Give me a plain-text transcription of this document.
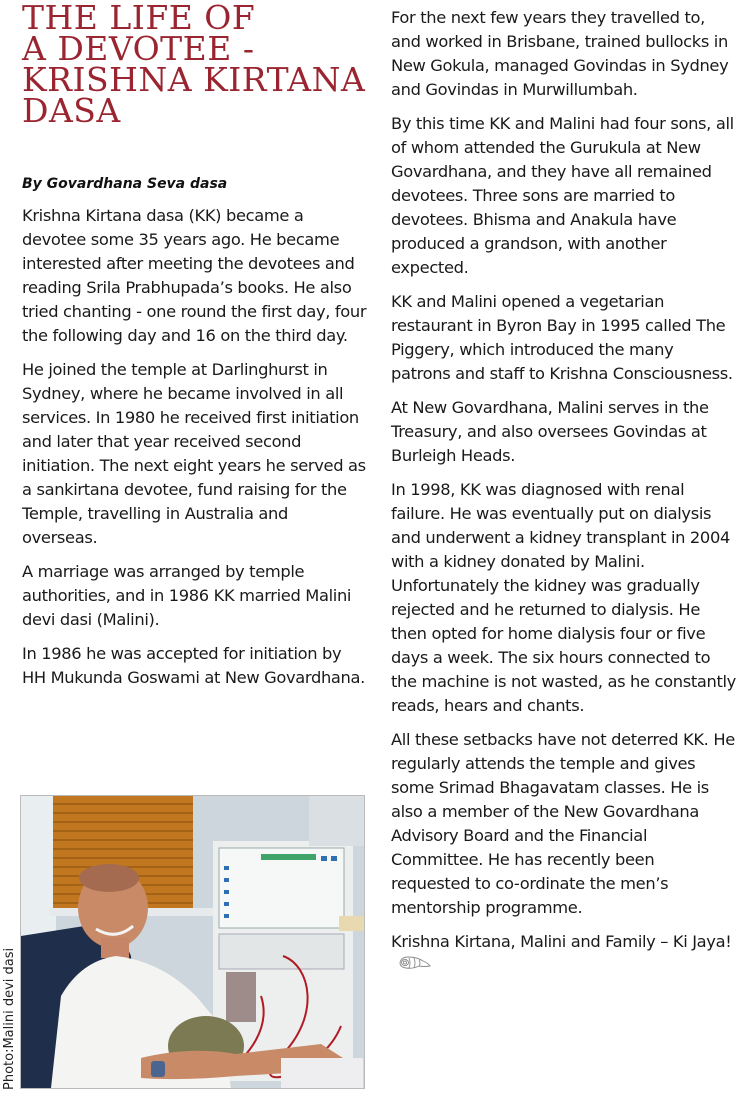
THE LIFE OF
A DEVOTEE -
KRISHNA KIRTANA
DASA
By Govardhana Seva dasa

Krishna Kirtana dasa (KK) became a devotee some 35 years ago. He became interested after meeting the devotees and reading Srila Prabhupada’s books. He also tried chanting - one round the first day, four the following day and 16 on the third day.

He joined the temple at Darlinghurst in Sydney, where he became involved in all services. In 1980 he received first initiation and later that year received second initiation. The next eight years he served as a sankirtana devotee, fund raising for the Temple, travelling in Australia and overseas.

A marriage was arranged by temple authorities, and in 1986 KK married Malini devi dasi (Malini).

In 1986 he was accepted for initiation by HH Mukunda Goswami at New Govardhana.

Photo:Malini devi dasi

For the next few years they travelled to, and worked in Brisbane, trained bullocks in New Gokula, managed Govindas in Sydney and Govindas in Murwillumbah.

By this time KK and Malini had four sons, all of whom attended the Gurukula at New Govardhana, and they have all remained devotees. Three sons are married to devotees. Bhisma and Anakula have produced a grandson, with another expected.

KK and Malini opened a vegetarian restaurant in Byron Bay in 1995 called The Piggery, which introduced the many patrons and staff to Krishna Consciousness.

At New Govardhana, Malini serves in the Treasury, and also oversees Govindas at Burleigh Heads.

In 1998, KK was diagnosed with renal failure. He was eventually put on dialysis and underwent a kidney transplant in 2004 with a kidney donated by Malini. Unfortunately the kidney was gradually rejected and he returned to dialysis. He then opted for home dialysis four or five days a week. The six hours connected to the machine is not wasted, as he constantly reads, hears and chants.

All these setbacks have not deterred KK. He regularly attends the temple and gives some Srimad Bhagavatam classes. He is also a member of the New Govardhana Advisory Board and the Financial Committee. He has recently been requested to co-ordinate the men’s mentorship programme.

Krishna Kirtana, Malini and Family – Ki Jaya!
